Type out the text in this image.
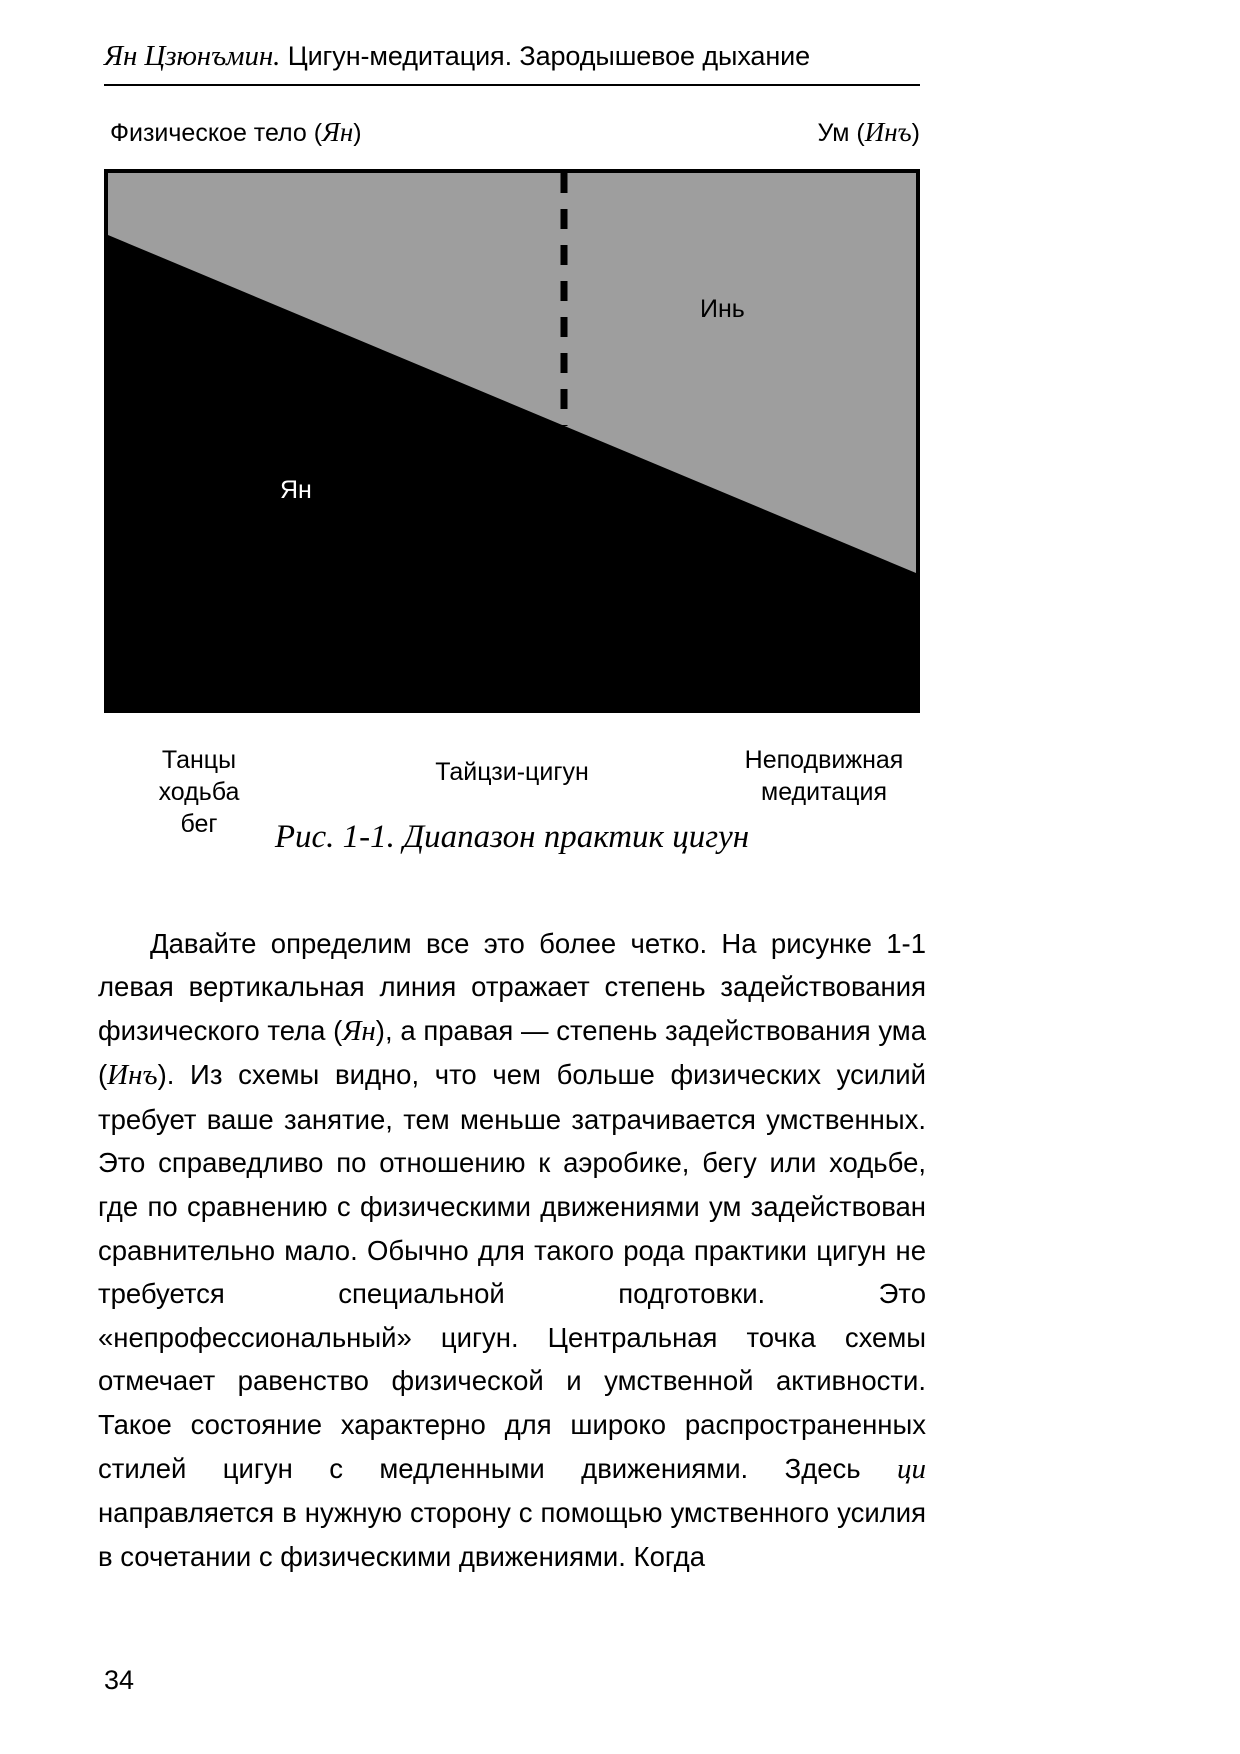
Ян Цзюнъмин. Цигун-медитация. Зародышевое дыхание
Физическое тело (Ян)	Ум (Инъ)
Ян
Инь
Танцы
ходьба
бег
Тайцзи-цигун	Неподвижная
медитация
Рис. 1-1. Диапазон практик цигун

Давайте определим все это более четко. На рисунке 1-1 левая вертикальная линия отражает степень задействования физического тела (Ян), а правая — степень задействования ума (Инъ). Из схемы видно, что чем больше физических усилий требует ваше занятие, тем меньше затрачивается умственных. Это справедливо по отношению к аэробике, бегу или ходьбе, где по сравнению с физическими движениями ум задействован сравнительно мало. Обычно для такого рода практики цигун не требуется специальной подготовки. Это «непрофессиональный» цигун. Центральная точка схемы отмечает равенство физической и умственной активности. Такое состояние характерно для широко распространенных стилей цигун с медленными движениями. Здесь ци направляется в нужную сторону с помощью умственного усилия в сочетании с физическими движениями. Когда

34
